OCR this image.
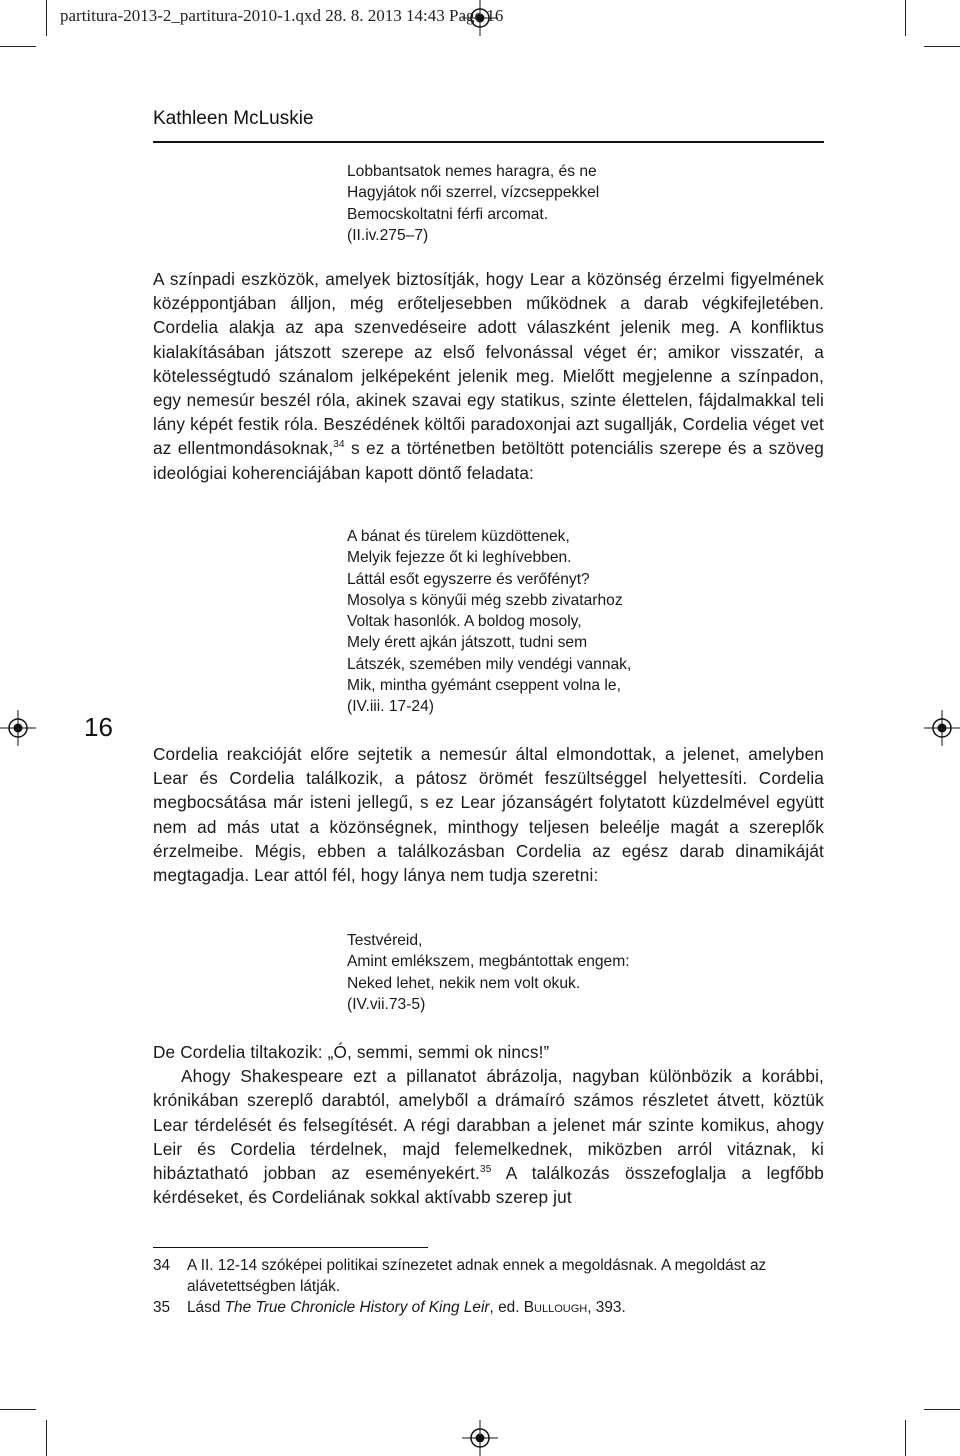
partitura-2013-2_partitura-2010-1.qxd 28. 8. 2013 14:43 Page 16
Kathleen McLuskie
Lobbantsatok nemes haragra, és ne
Hagyjátok női szerrel, vízcseppekkel
Bemocskoltatni férfi arcomat.
(II.iv.275–7)

A színpadi eszközök, amelyek biztosítják, hogy Lear a közönség érzelmi figyelmének középpontjában álljon, még erőteljesebben működnek a darab végkifejletében. Cordelia alakja az apa szenvedéseire adott válaszként jelenik meg. A konfliktus kialakításában játszott szerepe az első felvonással véget ér; amikor visszatér, a kötelességtudó szánalom jelképeként jelenik meg. Mielőtt megjelenne a színpadon, egy nemesúr beszél róla, akinek szavai egy statikus, szinte élettelen, fájdalmakkal teli lány képét festik róla. Beszédének költői paradoxonjai azt sugallják, Cordelia véget vet az ellentmondásoknak,$^{34}$ s ez a történetben betöltött potenciális szerepe és a szöveg ideológiai koherenciájában kapott döntő feladata:

A bánat és türelem küzdöttenek,
Melyik fejezze őt ki leghívebben.
Láttál esőt egyszerre és verőfényt?
Mosolya s könyűi még szebb zivatarhoz
Voltak hasonlók. A boldog mosoly,
Mely érett ajkán játszott, tudni sem
Látszék, szemében mily vendégi vannak,
Mik, mintha gyémánt cseppent volna le,
(IV.iii. 17-24)
16

Cordelia reakcióját előre sejtetik a nemesúr által elmondottak, a jelenet, amelyben Lear és Cordelia találkozik, a pátosz örömét feszültséggel helyettesíti. Cordelia megbocsátása már isteni jellegű, s ez Lear józanságért folytatott küzdelmével együtt nem ad más utat a közönségnek, minthogy teljesen beleélje magát a szereplők érzelmeibe. Mégis, ebben a találkozásban Cordelia az egész darab dinamikáját megtagadja. Lear attól fél, hogy lánya nem tudja szeretni:

Testvéreid,
Amint emlékszem, megbántottak engem:
Neked lehet, nekik nem volt okuk.
(IV.vii.73-5)

De Cordelia tiltakozik: „Ó, semmi, semmi ok nincs!”

Ahogy Shakespeare ezt a pillanatot ábrázolja, nagyban különbözik a korábbi, krónikában szereplő darabtól, amelyből a drámaíró számos részletet átvett, köztük Lear térdelését és felsegítését. A régi darabban a jelenet már szinte komikus, ahogy Leir és Cordelia térdelnek, majd felemelkednek, miközben arról vitáznak, ki hibáztatható jobban az eseményekért.$^{35}$ A találkozás összefoglalja a legfőbb kérdéseket, és Cordeliának sokkal aktívabb szerep jut

34	A II. 12-14 szóképei politikai színezetet adnak ennek a megoldásnak. A megoldást az alávetettségben látják.
35	Lásd The True Chronicle History of King Leir, ed. Bullough, 393.
